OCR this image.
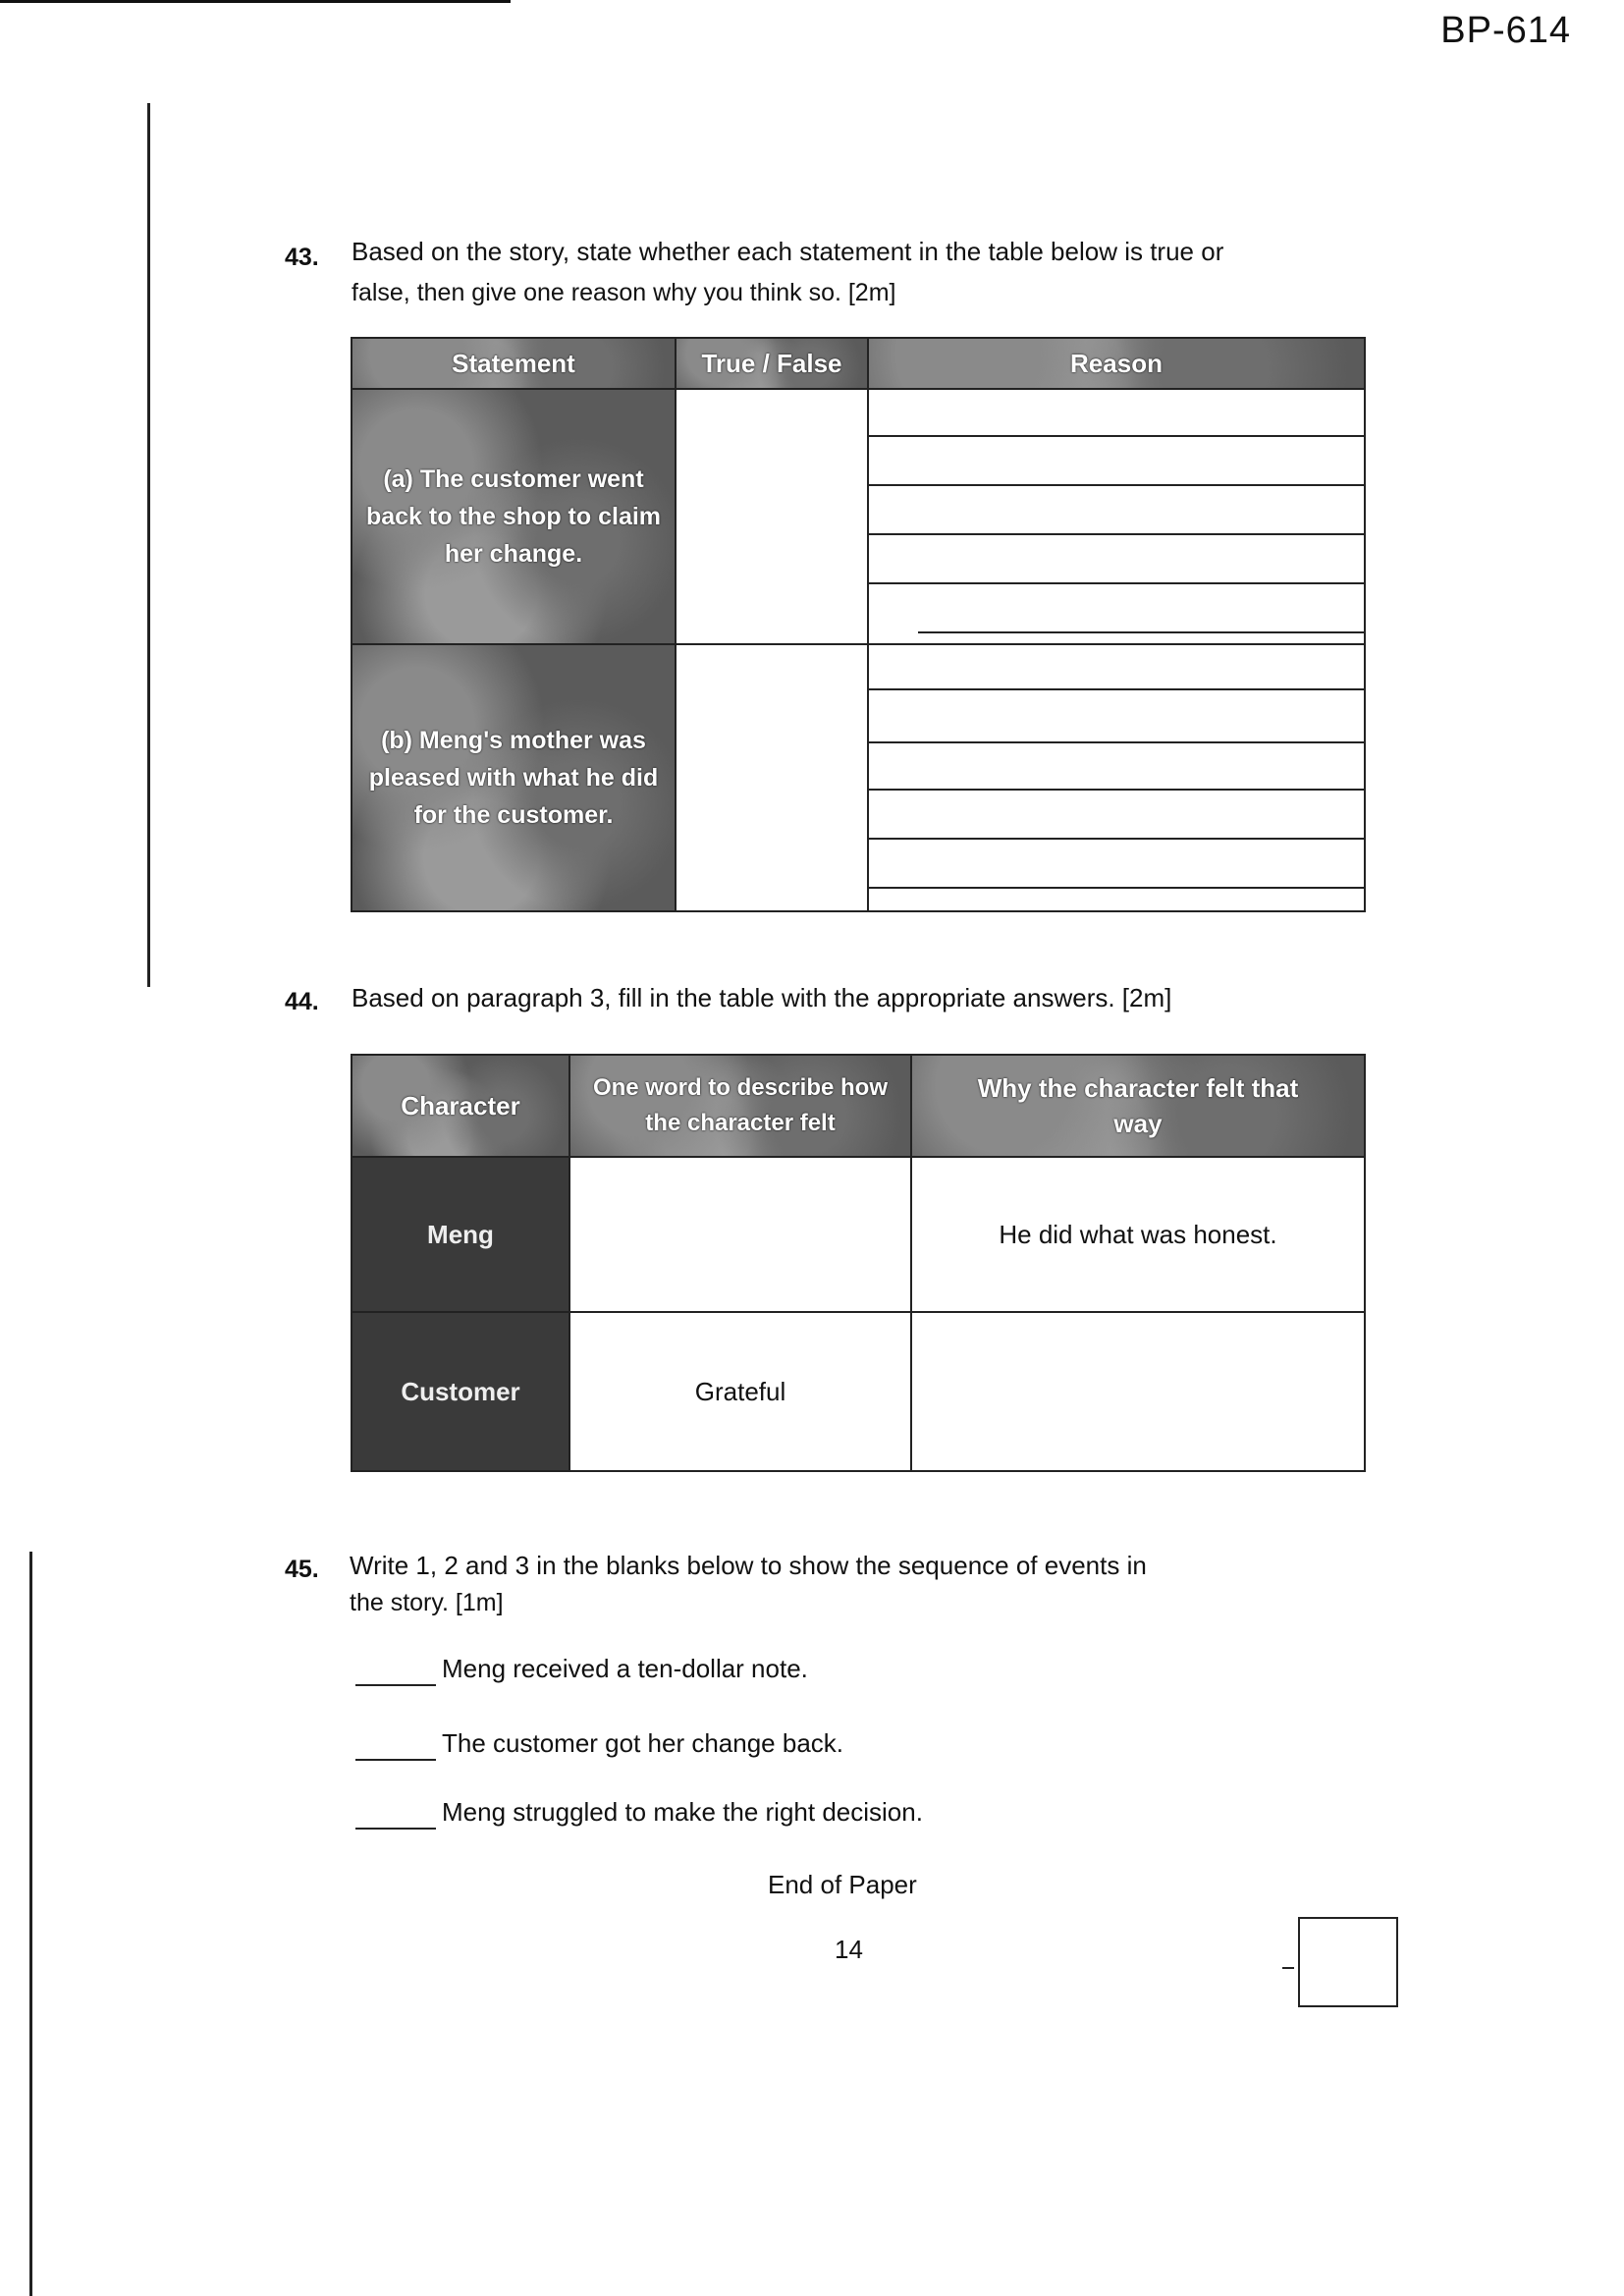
BP-614
43. Based on the story, state whether each statement in the table below is true or
false, then give one reason why you think so. [2m]
Statement	True / False	Reason
(a) The customer went back to the shop to claim her change.		

(b) Meng's mother was pleased with what he did for the customer.		
44. Based on paragraph 3, fill in the table with the appropriate answers. [2m]
Character	One word to describe how the character felt	Why the character felt that way
Meng		He did what was honest.
Customer	Grateful	
45. Write 1, 2 and 3 in the blanks below to show the sequence of events in
the story. [1m]
Meng received a ten-dollar note.
The customer got her change back.
Meng struggled to make the right decision.
End of Paper
14
